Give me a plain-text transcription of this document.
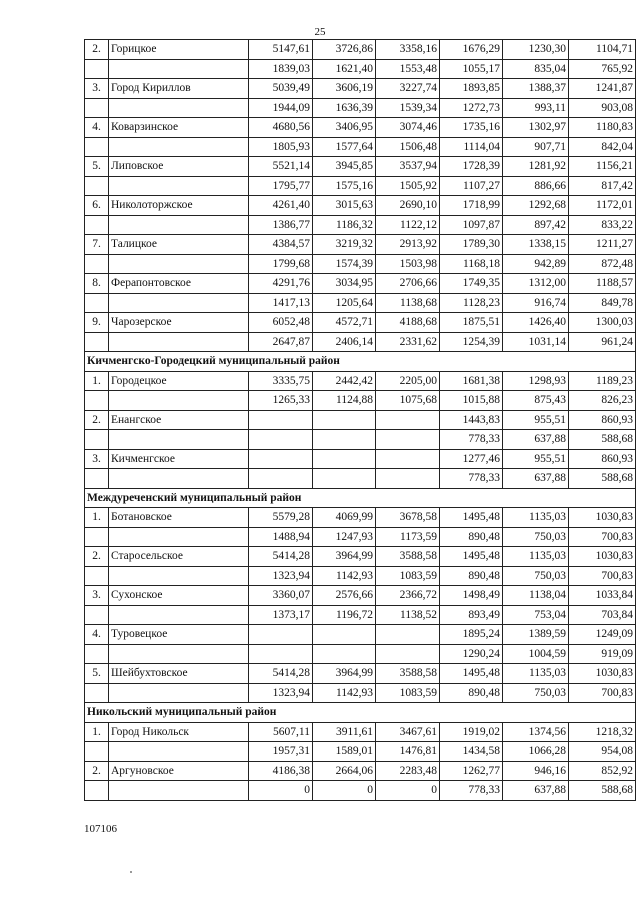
25
2.	Горицкое	5147,61	3726,86	3358,16	1676,29	1230,30	1104,71
		1839,03	1621,40	1553,48	1055,17	835,04	765,92
3.	Город Кириллов	5039,49	3606,19	3227,74	1893,85	1388,37	1241,87
		1944,09	1636,39	1539,34	1272,73	993,11	903,08
4.	Коварзинское	4680,56	3406,95	3074,46	1735,16	1302,97	1180,83
		1805,93	1577,64	1506,48	1114,04	907,71	842,04
5.	Липовское	5521,14	3945,85	3537,94	1728,39	1281,92	1156,21
		1795,77	1575,16	1505,92	1107,27	886,66	817,42
6.	Николоторжское	4261,40	3015,63	2690,10	1718,99	1292,68	1172,01
		1386,77	1186,32	1122,12	1097,87	897,42	833,22
7.	Талицкое	4384,57	3219,32	2913,92	1789,30	1338,15	1211,27
		1799,68	1574,39	1503,98	1168,18	942,89	872,48
8.	Ферапонтовское	4291,76	3034,95	2706,66	1749,35	1312,00	1188,57
		1417,13	1205,64	1138,68	1128,23	916,74	849,78
9.	Чарозерское	6052,48	4572,71	4188,68	1875,51	1426,40	1300,03
		2647,87	2406,14	2331,62	1254,39	1031,14	961,24
Кичменгско-Городецкий муниципальный район							
1.	Городецкое	3335,75	2442,42	2205,00	1681,38	1298,93	1189,23
		1265,33	1124,88	1075,68	1015,88	875,43	826,23
2.	Енангское				1443,83	955,51	860,93
					778,33	637,88	588,68
3.	Кичменгское				1277,46	955,51	860,93
					778,33	637,88	588,68
Междуреченский муниципальный район							
1.	Ботановское	5579,28	4069,99	3678,58	1495,48	1135,03	1030,83
		1488,94	1247,93	1173,59	890,48	750,03	700,83
2.	Старосельское	5414,28	3964,99	3588,58	1495,48	1135,03	1030,83
		1323,94	1142,93	1083,59	890,48	750,03	700,83
3.	Сухонское	3360,07	2576,66	2366,72	1498,49	1138,04	1033,84
		1373,17	1196,72	1138,52	893,49	753,04	703,84
4.	Туровецкое				1895,24	1389,59	1249,09
					1290,24	1004,59	919,09
5.	Шейбухтовское	5414,28	3964,99	3588,58	1495,48	1135,03	1030,83
		1323,94	1142,93	1083,59	890,48	750,03	700,83
Никольский муниципальный район							
1.	Город Никольск	5607,11	3911,61	3467,61	1919,02	1374,56	1218,32
		1957,31	1589,01	1476,81	1434,58	1066,28	954,08
2.	Аргуновское	4186,38	2664,06	2283,48	1262,77	946,16	852,92
		0	0	0	778,33	637,88	588,68
107106
